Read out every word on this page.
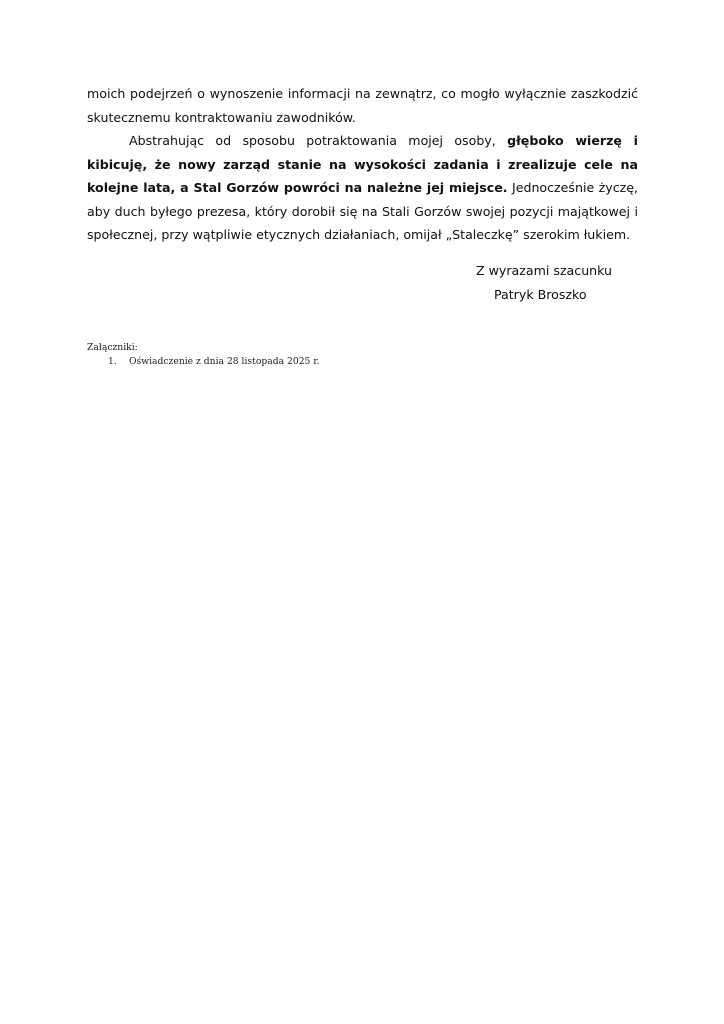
moich podejrzeń o wynoszenie informacji na zewnątrz, co mogło wyłącznie zaszkodzić skutecznemu kontraktowaniu zawodników.

Abstrahując od sposobu potraktowania mojej osoby, głęboko wierzę i kibicuję, że nowy zarząd stanie na wysokości zadania i zrealizuje cele na kolejne lata, a Stal Gorzów powróci na należne jej miejsce. Jednocześnie życzę, aby duch byłego prezesa, który dorobił się na Stali Gorzów swojej pozycji majątkowej i społecznej, przy wątpliwie etycznych działaniach, omijał „Staleczkę” szerokim łukiem.

Z wyrazami szacunku
Patryk Broszko
Załączniki:
1. Oświadczenie z dnia 28 listopada 2025 r.
